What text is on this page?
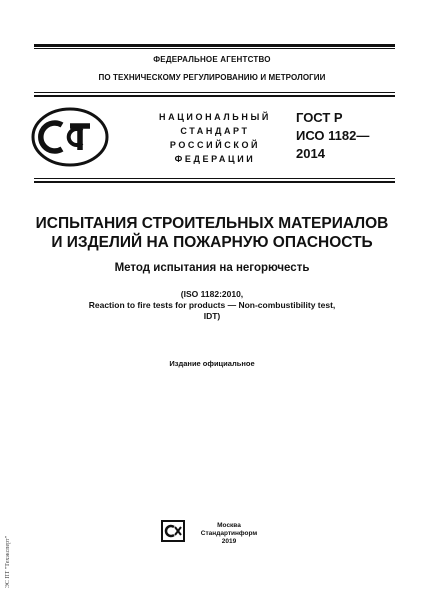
ФЕДЕРАЛЬНОЕ АГЕНТСТВО
ПО ТЕХНИЧЕСКОМУ РЕГУЛИРОВАНИЮ И МЕТРОЛОГИИ
НАЦИОНАЛЬНЫЙ
СТАНДАРТ
РОССИЙСКОЙ
ФЕДЕРАЦИИ
ГОСТ Р
ИСО 1182—
2014
ИСПЫТАНИЯ СТРОИТЕЛЬНЫХ МАТЕРИАЛОВ
И ИЗДЕЛИЙ НА ПОЖАРНУЮ ОПАСНОСТЬ
Метод испытания на негорючесть
(ISO 1182:2010,
Reaction to fire tests for products — Non-combustibility test,
IDT)
Издание официальное
Москва
Стандартинформ
2019
ЭС ПТ "Техэксперт"
